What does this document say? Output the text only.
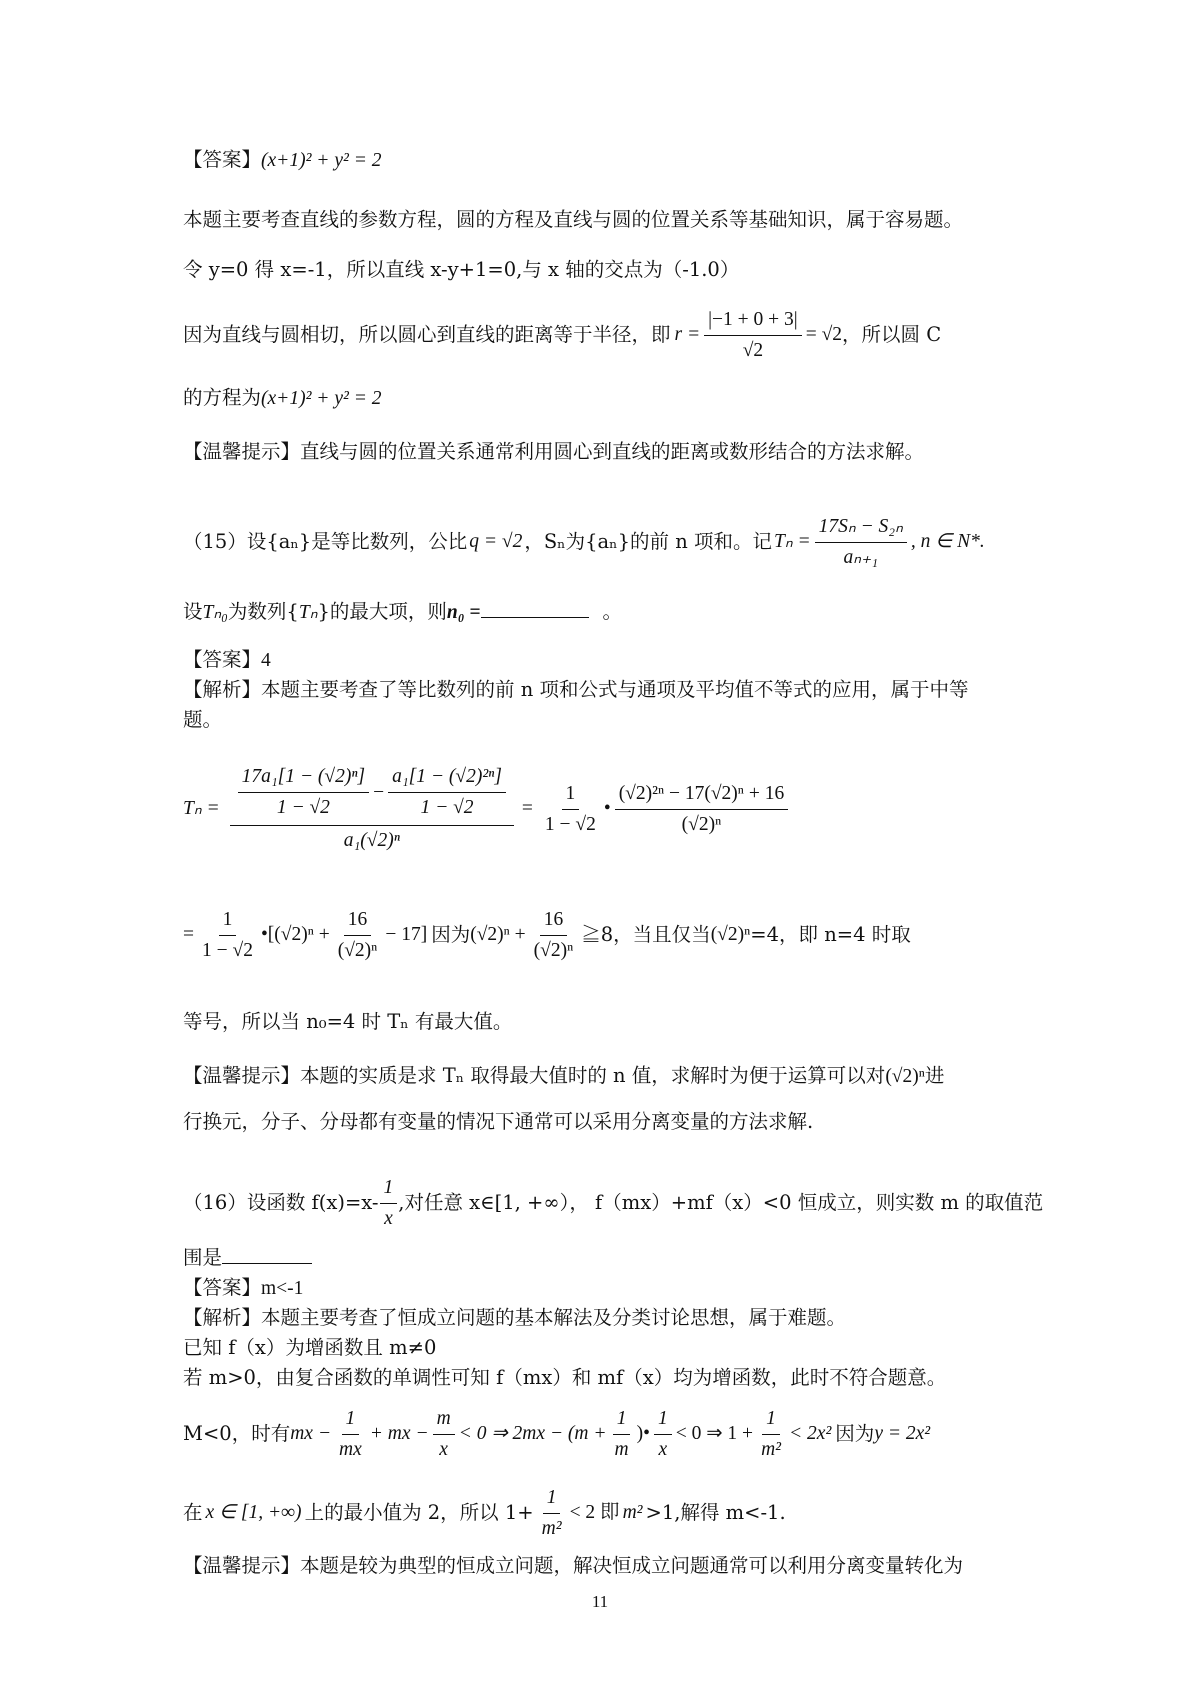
【答案】(x+1)² + y² = 2
本题主要考查直线的参数方程，圆的方程及直线与圆的位置关系等基础知识，属于容易题。
令 y=0 得 x=-1，所以直线 x-y+1=0,与 x 轴的交点为（-1.0）
因为直线与圆相切，所以圆心到直线的距离等于半径，即 $r = \frac{|-1 + 0 + 3|}{√2} = √2$ ，所以圆 C
的方程为(x+1)² + y² = 2
【温馨提示】直线与圆的位置关系通常利用圆心到直线的距离或数形结合的方法求解。
（15）设{aₙ}是等比数列，公比 q = √2 ，Sₙ为{aₙ}的前 n 项和。记 $T_n = \frac{\text{17Sₙ − S₂ₙ}}{\text{aₙ₊₁}}$ , n ∈ N*.
设Tₙ₀为数列{Tₙ}的最大项，则n₀ =	。
【答案】4
【解析】本题主要考查了等比数列的前 n 项和公式与通项及平均值不等式的应用，属于中等
题。
$T_n = \frac{\text{17a₁[1 − (√2)ⁿ]}}{1 - √2} - \frac{\text{a₁[1 − (√2)²ⁿ]}}{1 - √2}$
a₁(√2)ⁿ
= $\frac{1}{1 - √2}$ • $\frac{\text{(√2)²ⁿ − 17(√2)ⁿ + 16}}{\text{(√2)ⁿ}}$
= $\frac{1}{1 - √2}$ •[(√2)ⁿ + $\frac{16}{\text{(√2)ⁿ}} - 17$] 因为 $(√2)^n + \frac{16}{\text{(√2)ⁿ}}$ ≧8，当且仅当 (√2)ⁿ =4，即 n=4 时取
等号，所以当 n₀=4 时 Tₙ 有最大值。
【温馨提示】本题的实质是求 Tₙ 取得最大值时的 n 值，求解时为便于运算可以对(√2)ⁿ进
行换元，分子、分母都有变量的情况下通常可以采用分离变量的方法求解.
（16）设函数 $f(x)=x- \frac{1}{x}$ ,对任意 x∈[1, +∞）， f（mx）+mf（x）<0 恒成立，则实数 m 的取值范
围是
【答案】m<-1
【解析】本题主要考查了恒成立问题的基本解法及分类讨论思想，属于难题。
已知 f（x）为增函数且 m≠0
若 m>0，由复合函数的单调性可知 f（mx）和 mf（x）均为增函数，此时不符合题意。
M<0，时有 mx − $\frac{1}{mx}$ + mx − $\frac{m}{x} < 0$ ⇒ $2mx - (m + \frac{1}{m}$ )• $\frac{1}{x} < 0$ ⇒ $1 + \frac{1}{\text{m²}} < 2x^2$ 因为 y = 2x²
在 x ∈ [1, +∞) 上的最小值为 2，所以 $1+ \frac{1}{\text{m²}} < 2$ 即 m² >1,解得 m<-1.
【温馨提示】本题是较为典型的恒成立问题，解决恒成立问题通常可以利用分离变量转化为
11
